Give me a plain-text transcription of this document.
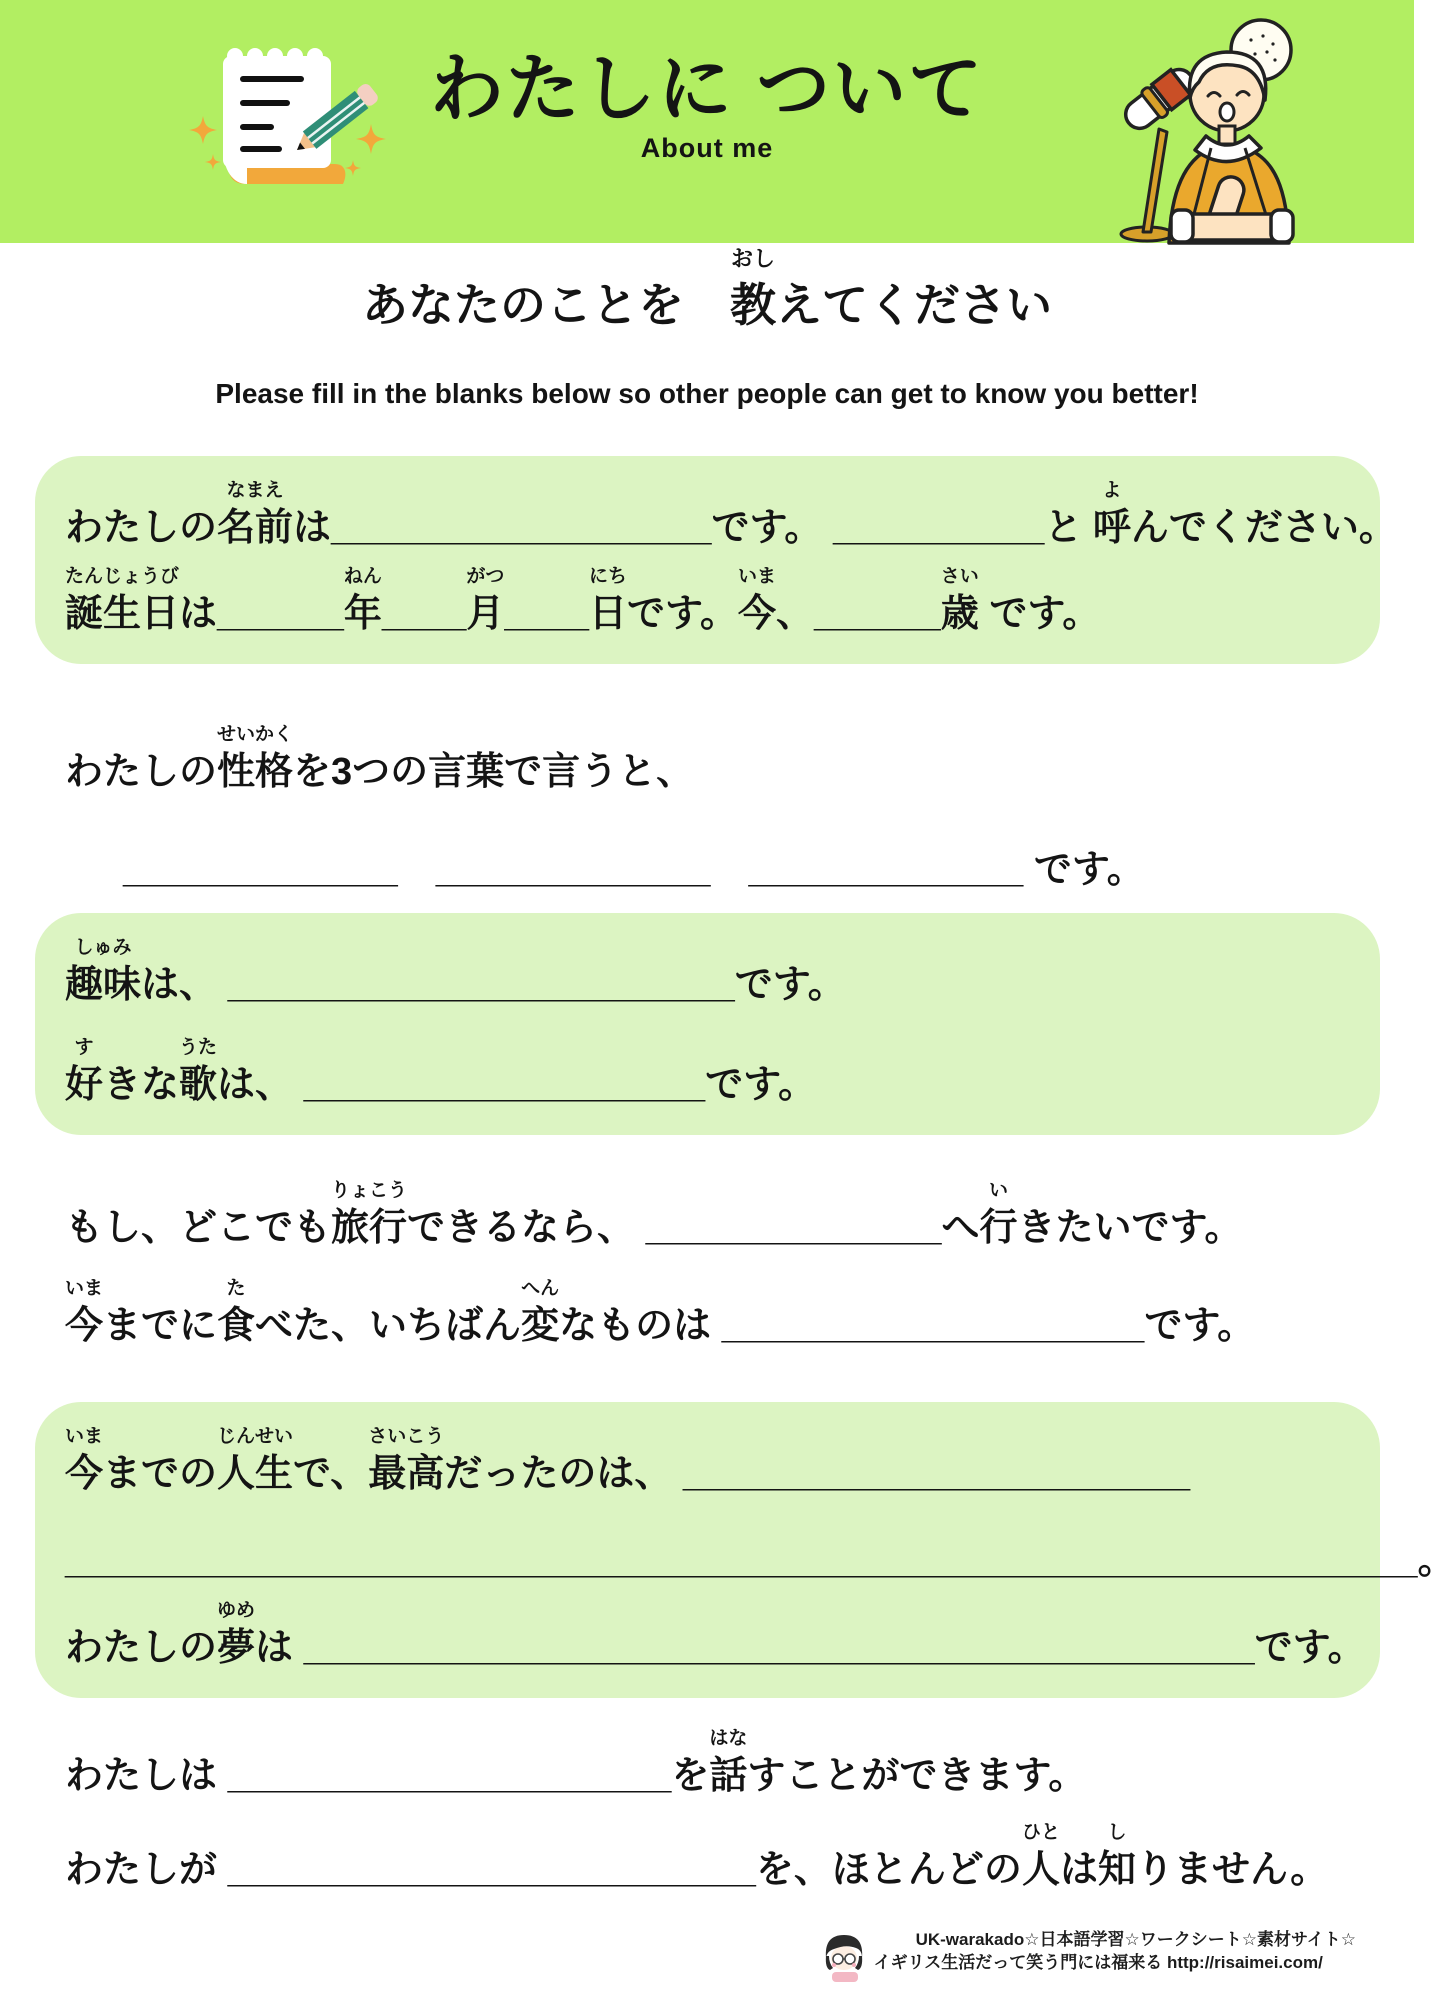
わたしに ついて
About me
あなたのことを　
おし
教 えてください
Please fill in the blanks below so other people can get to know you better!
わたしの
なまえ
名前 は __________________ です。 __________ と
よ
呼 んでください。
たんじょうび
誕生日 は ______
ねん
年 ____
がつ
月 ____
にち
日 です。
いま
今 、 ______
さい
歳 です。
わたしの
せいかく
性格 を3つの言葉で言うと、
_____________
　 _____________
　 _____________ です。
しゅみ
趣味 は、 ________________________ です。
す
好 きな
うた
歌 は、 ___________________ です。
もし、どこでも
りょこう
旅行 できるなら、 ______________ へ
い
行 きたいです。
いま
今 までに
た
食 べた、いちばん
へん
変 なものは ____________________ です。
いま
今 までの
じんせい
人生 で、
さいこう
最高 だったのは、 ________________________
________________________________________________________________ 。
わたしの
ゆめ
夢 は _____________________________________________ です。
わたしは _____________________ を
はな
話 すことができます。
わたしが _________________________ を、ほとんどの
ひと
人 は
し
知 りません。
UK-warakado☆日本語学習☆ワークシート☆素材サイト☆
イギリス生活だって笑う門には福来る http://risaimei.com/
